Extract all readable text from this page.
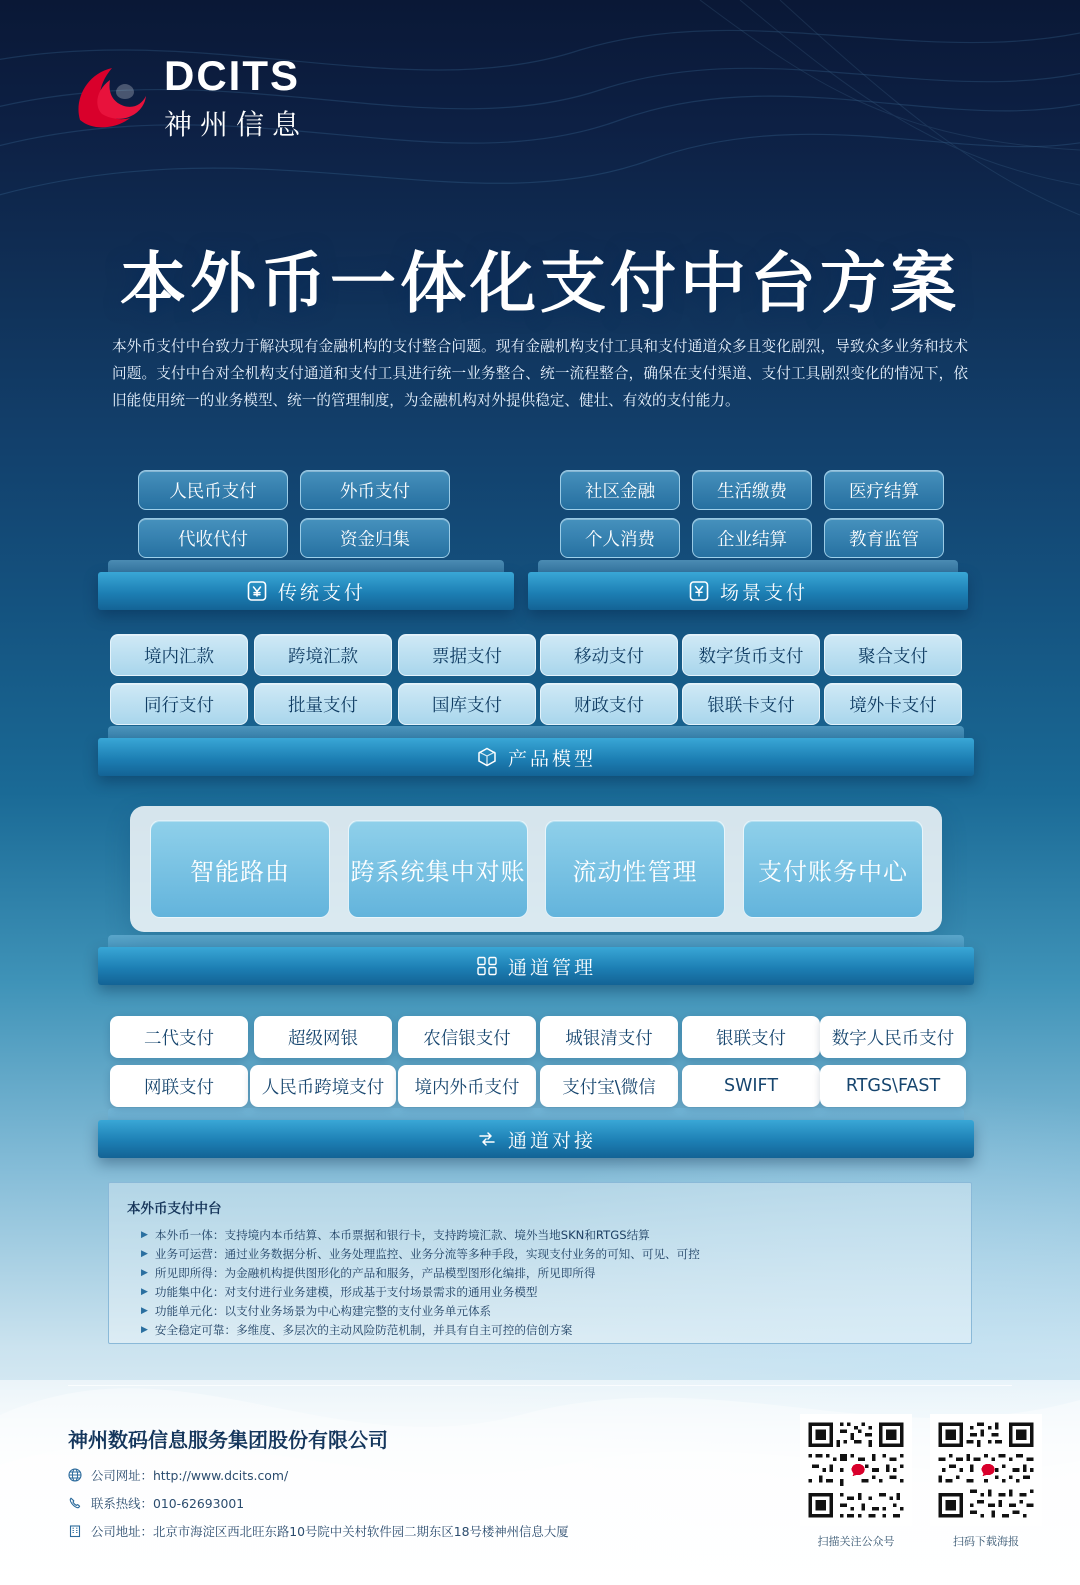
DCITS
神州信息
本外币一体化支付中台方案
本外币支付中台致力于解决现有金融机构的支付整合问题。现有金融机构支付工具和支付通道众多且变化剧烈，导致众多业务和技术问题。支付中台对全机构支付通道和支付工具进行统一业务整合、统一流程整合，确保在支付渠道、支付工具剧烈变化的情况下，依旧能使用统一的业务模型、统一的管理制度，为金融机构对外提供稳定、健壮、有效的支付能力。
传统支付
人民币支付	外币支付
代收代付	资金归集
场景支付
社区金融	生活缴费	医疗结算
个人消费	企业结算	教育监管
产品模型
境内汇款	跨境汇款	票据支付	移动支付	数字货币支付	聚合支付
同行支付	批量支付	国库支付	财政支付	银联卡支付	境外卡支付
智能路由	跨系统集中对账	流动性管理	支付账务中心
通道管理
通道对接
二代支付	超级网银	农信银支付	城银清支付	银联支付	数字人民币支付
网联支付	人民币跨境支付	境内外币支付	支付宝\微信	SWIFT	RTGS\FAST
本外币支付中台
▶ 本外币一体：支持境内本币结算、本币票据和银行卡，支持跨境汇款、境外当地SKN和RTGS结算
▶ 业务可运营：通过业务数据分析、业务处理监控、业务分流等多种手段，实现支付业务的可知、可见、可控
▶ 所见即所得：为金融机构提供图形化的产品和服务，产品模型图形化编排，所见即所得
▶ 功能集中化：对支付进行业务建模，形成基于支付场景需求的通用业务模型
▶ 功能单元化：以支付业务场景为中心构建完整的支付业务单元体系
▶ 安全稳定可靠：多维度、多层次的主动风险防范机制，并具有自主可控的信创方案
神州数码信息服务集团股份有限公司
公司网址：http://www.dcits.com/
联系热线：010-62693001
公司地址：北京市海淀区西北旺东路10号院中关村软件园二期东区18号楼神州信息大厦
扫描关注公众号	扫码下载海报
